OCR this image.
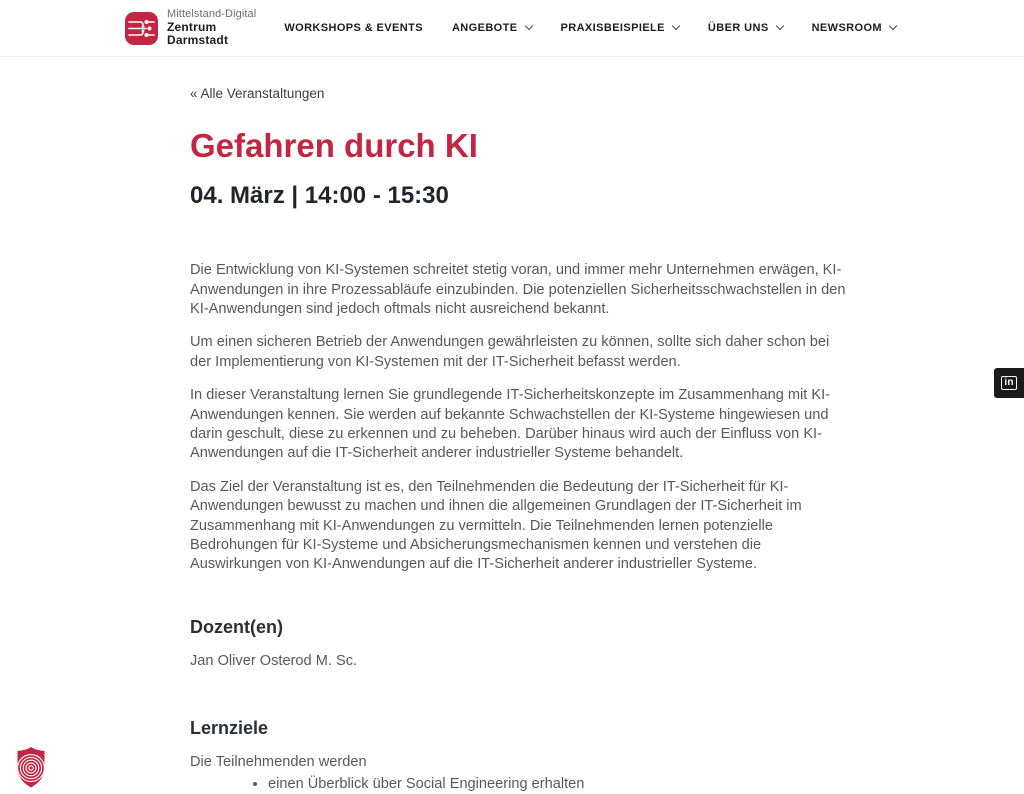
Mittelstand-Digital
Zentrum
Darmstadt
WORKSHOPS & EVENTS	ANGEBOTE	PRAXISBEISPIELE	ÜBER UNS	NEWSROOM
« Alle Veranstaltungen
Gefahren durch KI
04. März | 14:00 - 15:30

Die Entwicklung von KI-Systemen schreitet stetig voran, und immer mehr Unternehmen erwägen, KI-Anwendungen in ihre Prozessabläufe einzubinden. Die potenziellen Sicherheitsschwachstellen in den KI-Anwendungen sind jedoch oftmals nicht ausreichend bekannt.

Um einen sicheren Betrieb der Anwendungen gewährleisten zu können, sollte sich daher schon bei der Implementierung von KI-Systemen mit der IT-Sicherheit befasst werden.

In dieser Veranstaltung lernen Sie grundlegende IT-Sicherheitskonzepte im Zusammenhang mit KI-Anwendungen kennen. Sie werden auf bekannte Schwachstellen der KI-Systeme hingewiesen und darin geschult, diese zu erkennen und zu beheben. Darüber hinaus wird auch der Einfluss von KI-Anwendungen auf die IT-Sicherheit anderer industrieller Systeme behandelt.

Das Ziel der Veranstaltung ist es, den Teilnehmenden die Bedeutung der IT-Sicherheit für KI-Anwendungen bewusst zu machen und ihnen die allgemeinen Grundlagen der IT-Sicherheit im Zusammenhang mit KI-Anwendungen zu vermitteln. Die Teilnehmenden lernen potenzielle Bedrohungen für KI-Systeme und Absicherungsmechanismen kennen und verstehen die Auswirkungen von KI-Anwendungen auf die IT-Sicherheit anderer industrieller Systeme.

Dozent(en)

Jan Oliver Osterod M. Sc.

Lernziele

Die Teilnehmenden werden

• einen Überblick über Social Engineering erhalten
in
